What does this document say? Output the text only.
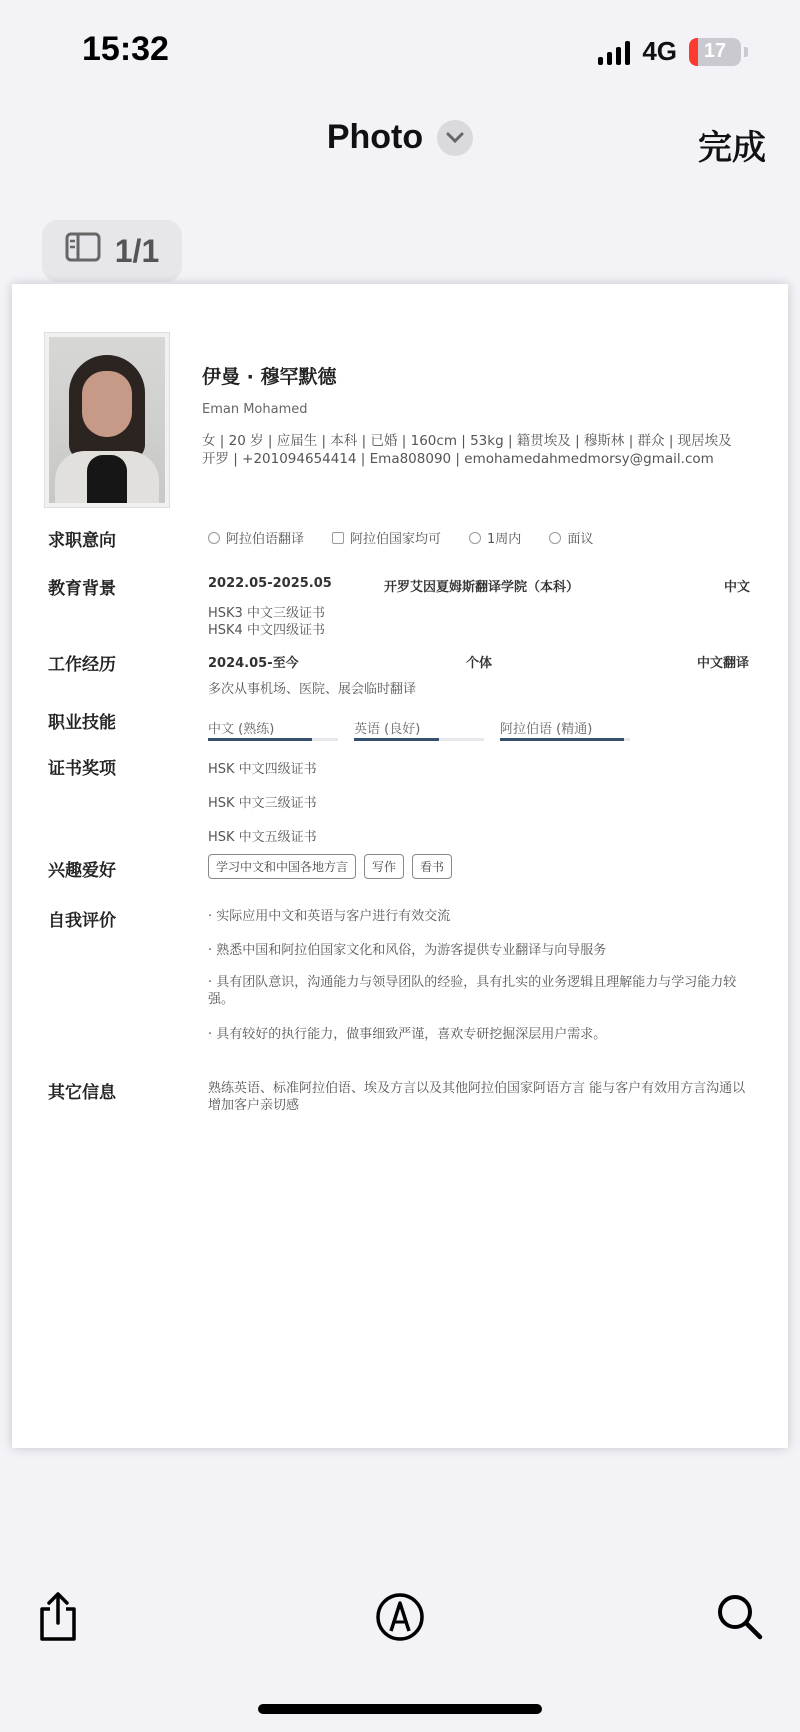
15:32	4G 17
Photo	完成
1/1
伊曼 · 穆罕默德
Eman Mohamed
女 | 20 岁 | 应届生 | 本科 | 已婚 | 160cm | 53kg | 籍贯埃及 | 穆斯林 | 群众 | 现居埃及开罗 | +201094654414 | Ema808090 | emohamedahmedmorsy@gmail.com
求职意向	阿拉伯语翻译	阿拉伯国家均可	1周内	面议
教育背景	2022.05-2025.05	开罗艾因夏姆斯翻译学院（本科）	中文
HSK3 中文三级证书
HSK4 中文四级证书
工作经历	2024.05-至今	个体	中文翻译
多次从事机场、医院、展会临时翻译
职业技能	中文 (熟练)	英语 (良好)	阿拉伯语 (精通)
证书奖项	HSK 中文四级证书
HSK 中文三级证书
HSK 中文五级证书
兴趣爱好	学习中文和中国各地方言 写作 看书
自我评价	· 实际应用中文和英语与客户进行有效交流
· 熟悉中国和阿拉伯国家文化和风俗，为游客提供专业翻译与向导服务
· 具有团队意识，沟通能力与领导团队的经验，具有扎实的业务逻辑且理解能力与学习能力较强。
· 具有较好的执行能力，做事细致严谨，喜欢专研挖掘深层用户需求。
其它信息	熟练英语、标准阿拉伯语、埃及方言以及其他阿拉伯国家阿语方言 能与客户有效用方言沟通以增加客户亲切感
